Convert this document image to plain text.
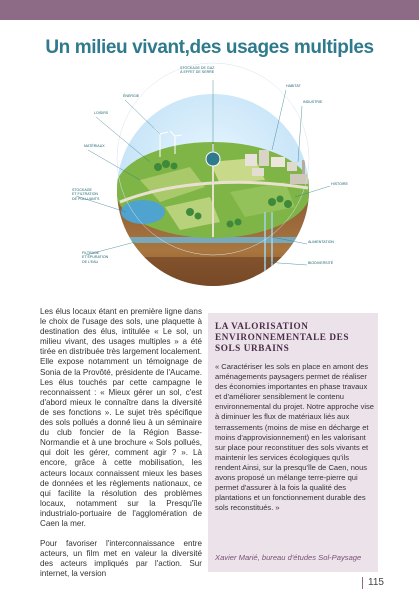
Un milieu vivant,des usages multiples
STOCKAGE DE GAZ
À EFFET DE SERRE
ÉNERGIE
LOISIRS
MATÉRIAUX
STOCKAGE
ET FILTRATION
DE POLLUANTS
FILTRAGE
ET ÉPURATION
DE L'EAU
HABITAT
INDUSTRIE
HISTOIRE
ALIMENTATION
BIODIVERSITÉ

Les élus locaux étant en première ligne dans le choix de l'usage des sols, une plaquette à destination des élus, intitulée « Le sol, un milieu vivant, des usages multiples » a été tirée en distribuée très largement localement. Elle expose notamment un témoignage de Sonia de la Provôté, présidente de l'Aucame. Les élus touchés par cette campagne le reconnaissent : « Mieux gérer un sol, c'est d'abord mieux le connaître dans la diversité de ses fonctions ». Le sujet très spécifique des sols pollués a donné lieu à un séminaire du club foncier de la Région Basse-Normandie et à une brochure « Sols pollués, qui doit les gérer, comment agir ? ». Là encore, grâce à cette mobilisation, les acteurs locaux connaissent mieux les bases de données et les règlements nationaux, ce qui facilite la résolution des problèmes locaux, notamment sur la Presqu'île industrialo-portuaire de l'agglomération de Caen la mer.

Pour favoriser l'interconnaissance entre acteurs, un film met en valeur la diversité des acteurs impliqués par l'action. Sur internet, la version

LA VALORISATION ENVIRONNEMENTALE DES SOLS URBAINS
« Caractériser les sols en place en amont des aménagements paysagers permet de réaliser des économies importantes en phase travaux et d'améliorer sensiblement le contenu environnemental du projet. Notre approche vise à diminuer les flux de matériaux liés aux terrassements (moins de mise en décharge et moins d'approvisionnement) en les valorisant sur place pour reconstituer des sols vivants et maintenir les services écologiques qu'ils rendent Ainsi, sur la presqu'île de Caen, nous avons proposé un mélange terre-pierre qui permet d'assurer à la fois la qualité des plantations et un fonctionnement durable des sols reconstitués. »
Xavier Marié, bureau d'études Sol-Paysage
115
